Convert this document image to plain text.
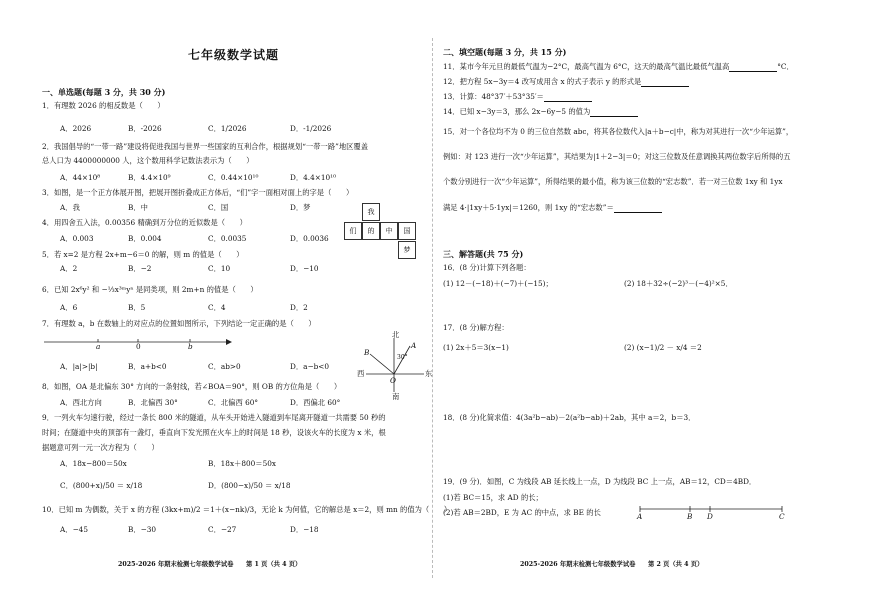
七年级数学试题
一、单选题(每题 3 分，共 30 分)
1．有理数 2026 的相反数是（　　）
A．2026	B．-2026	C．1/2026	D．-1/2026
2．我国倡导的“一带一路”建设将促进我国与世界一些国家的互利合作，根据规划“一带一路”地区覆盖
总人口为 4400000000 人，这个数用科学记数法表示为（　　）
A．44×10⁸	B．4.4×10⁹	C．0.44×10¹⁰	D．4.4×10¹⁰
3．如图，是一个正方体展开图，把展开图折叠成正方体后，“们”字一面相对面上的字是（　　）
A．我	B．中	C．国	D．梦	我
们	的	中	国
梦
4．用四舍五入法，0.00356 精确到万分位的近似数是（　　）
A．0.003	B．0.004	C．0.0035	D．0.0036
5．若 x=2 是方程 2x+m−6＝0 的解，则 m 的值是（　　）
A．2	B．−2	C．10	D．−10
6．已知 2x⁶y² 和 −⅓x³ᵐyⁿ 是同类项，则 2m+n 的值是（　　）
A．6	B．5	C．4	D．2
7．有理数 a，b 在数轴上的对应点的位置如图所示，下列结论一定正确的是（　　）
a	0	b
A．|a|>|b|	B．a+b<0	C．ab>0	D．a−b<0
北
南
东
西
A
B
O
30°
8．如图，OA 是北偏东 30° 方向的一条射线，若∠BOA＝90°，则 OB 的方位角是（　　）
A．西北方向	B．北偏西 30°	C．北偏西 60°	D．西偏北 60°
9．一列火车匀速行驶，经过一条长 800 米的隧道，从车头开始进入隧道到车尾离开隧道一共需要 50 秒的
时间；在隧道中央的顶部有一盏灯，垂直向下发光照在火车上的时间是 18 秒，设该火车的长度为 x 米，根
据题意可列一元一次方程为（　　）
A．18x−800＝50x	B．18x＋800＝50x
C．(800+x)/50 ＝ x/18	D．(800−x)/50 ＝ x/18
10．已知 m 为偶数，关于 x 的方程 (3kx+m)/2 ＝1＋(x−nk)/3，无论 k 为何值，它的解总是 x＝2，则 mn 的值为（　　）
A．−45	B．−30	C．−27	D．−18
2025-2026 年期末检测七年级数学试卷　　第 1 页（共 4 页）
二、填空题(每题 3 分，共 15 分)
11．某市今年元旦的最低气温为−2°C，最高气温为 6°C，这天的最高气温比最低气温高	°C．
12．把方程 5x−3y＝4 改写成用含 x 的式子表示 y 的形式是
13．计算：48°37′＋53°35′＝
14．已知 x−3y＝3，那么 2x−6y−5 的值为
15．对一个各位均不为 0 的三位自然数 abc，将其各位数代入|a＋b−c|中，称为对其进行一次“少年运算”，
例如：对 123 进行一次“少年运算”，其结果为|1＋2−3|＝0；对这三位数及任意调换其两位数字后所得的五
个数分别进行一次“少年运算”，所得结果的最小值，称为该三位数的“宏志数”．若一对三位数 1xy 和 1yx
满足 4·|1xy＋5·1yx|＝1260，则 1xy 的“宏志数”＝
三、解答题(共 75 分)
16．(8 分)计算下列各题：
(1) 12－(−18)＋(−7)＋(−15)；	(2) 18＋32÷(−2)³－(−4)²×5．
17．(8 分)解方程：
(1) 2x＋5＝3(x−1)	(2) (x−1)/2 － x/4 ＝2
18．(8 分)化简求值：4(3a²b−ab)－2(a²b−ab)＋2ab，其中 a＝2，b＝3．
19．(9 分)．如图，C 为线段 AB 延长线上一点，D 为线段 BC 上一点，AB＝12，CD＝4BD．
(1)若 BC＝15，求 AD 的长；
(2)若 AB＝2BD，E 为 AC 的中点，求 BE 的长	A	B D	C
2025-2026 年期末检测七年级数学试卷　　第 2 页（共 4 页）
